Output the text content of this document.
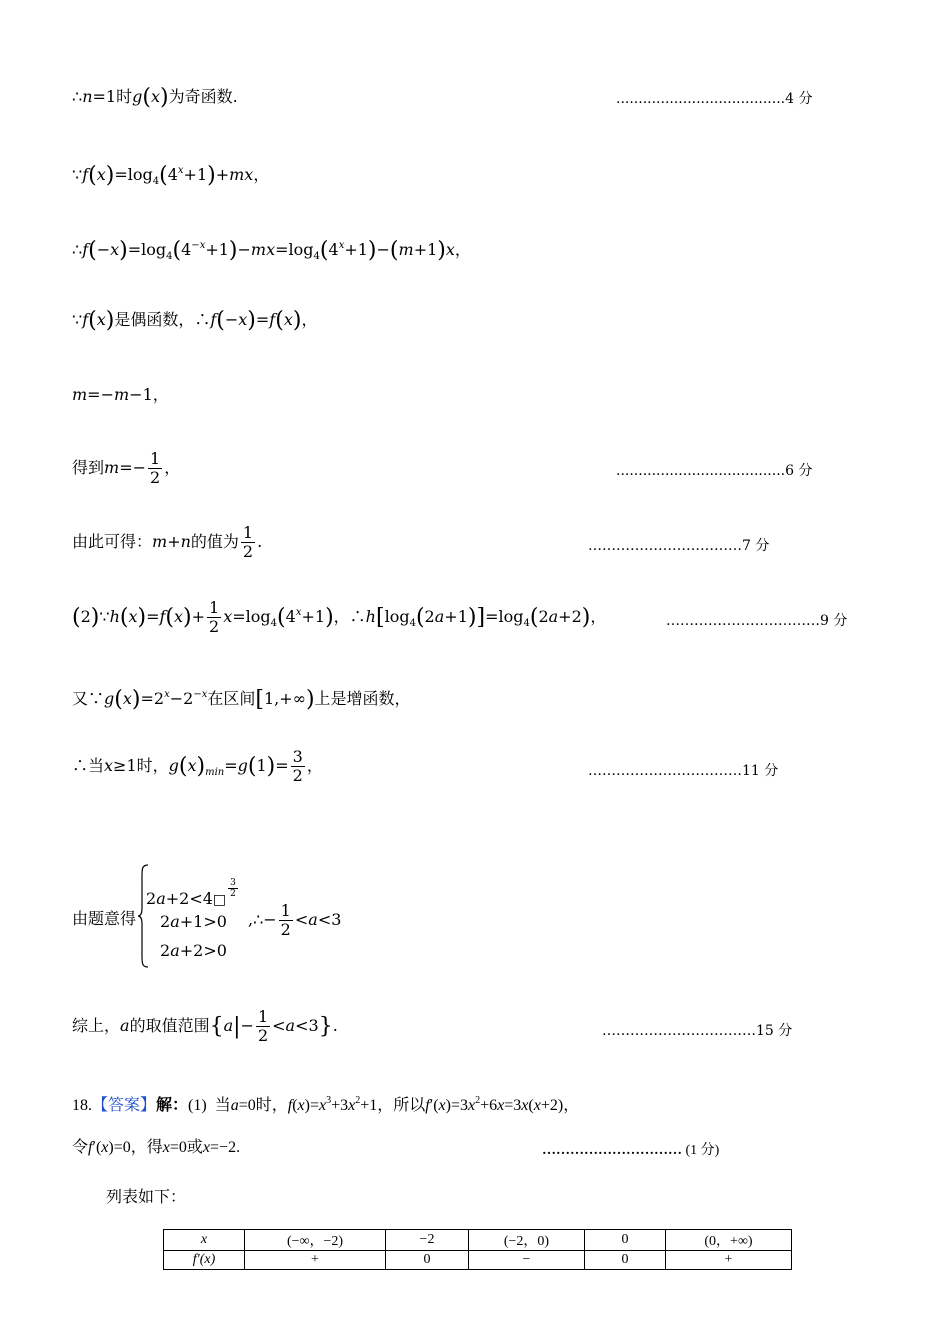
∴n=1时g(x)为奇函数.	......................................4 分
$\because f(x)=\log_4(4^x+1)+mx$，
$\therefore f(-x)=\log_4(4^{-x}+1)-mx=\log_4(4^x+1)-(m+1)x$，
∵f(x)是偶函数，∴f(−x)=f(x)，
m=−m−1，
得到$m=- \frac{1}{2}$ ，	......................................6 分
由此可得：m+n的值为 $\frac{1}{2}$ .	……………………………7 分
(2)∵h(x)=f(x)+ $\frac{1}{2} x=\log_4(4^x+1)$，$\therefore h[\log_4(2a+1)]=\log_4(2a+2)$，	……………………………9 分
又$\because g(x)=2^x-2^{-x}$在区间[1,+∞)上是增函数，
∴当x≥1时，$g(x)_{min}=g(1)= \frac{3}{2}$ ，	……………………………11 分
由题意得
2a+2<4□
$\frac{3}{2}$
2a+1>0
2a+2>0
,∴− $\frac{1}{2} <a<3$
综上，a的取值范围$\{a|- \frac{1}{2} <a<3\}$.	……………………………15 分
18.【答案】解：(1)  当a=0时，$f(x)=x^3+3x^2+1$，所以$f'(x)=3x^2+6x=3x(x+2)$，
令f′(x)=0，得x=0或x=−2.	………………………… (1 分)
列表如下：
x	(−∞，−2)	−2	(−2，0)	0	(0，+∞)
f′(x)	+	0	−	0	+
